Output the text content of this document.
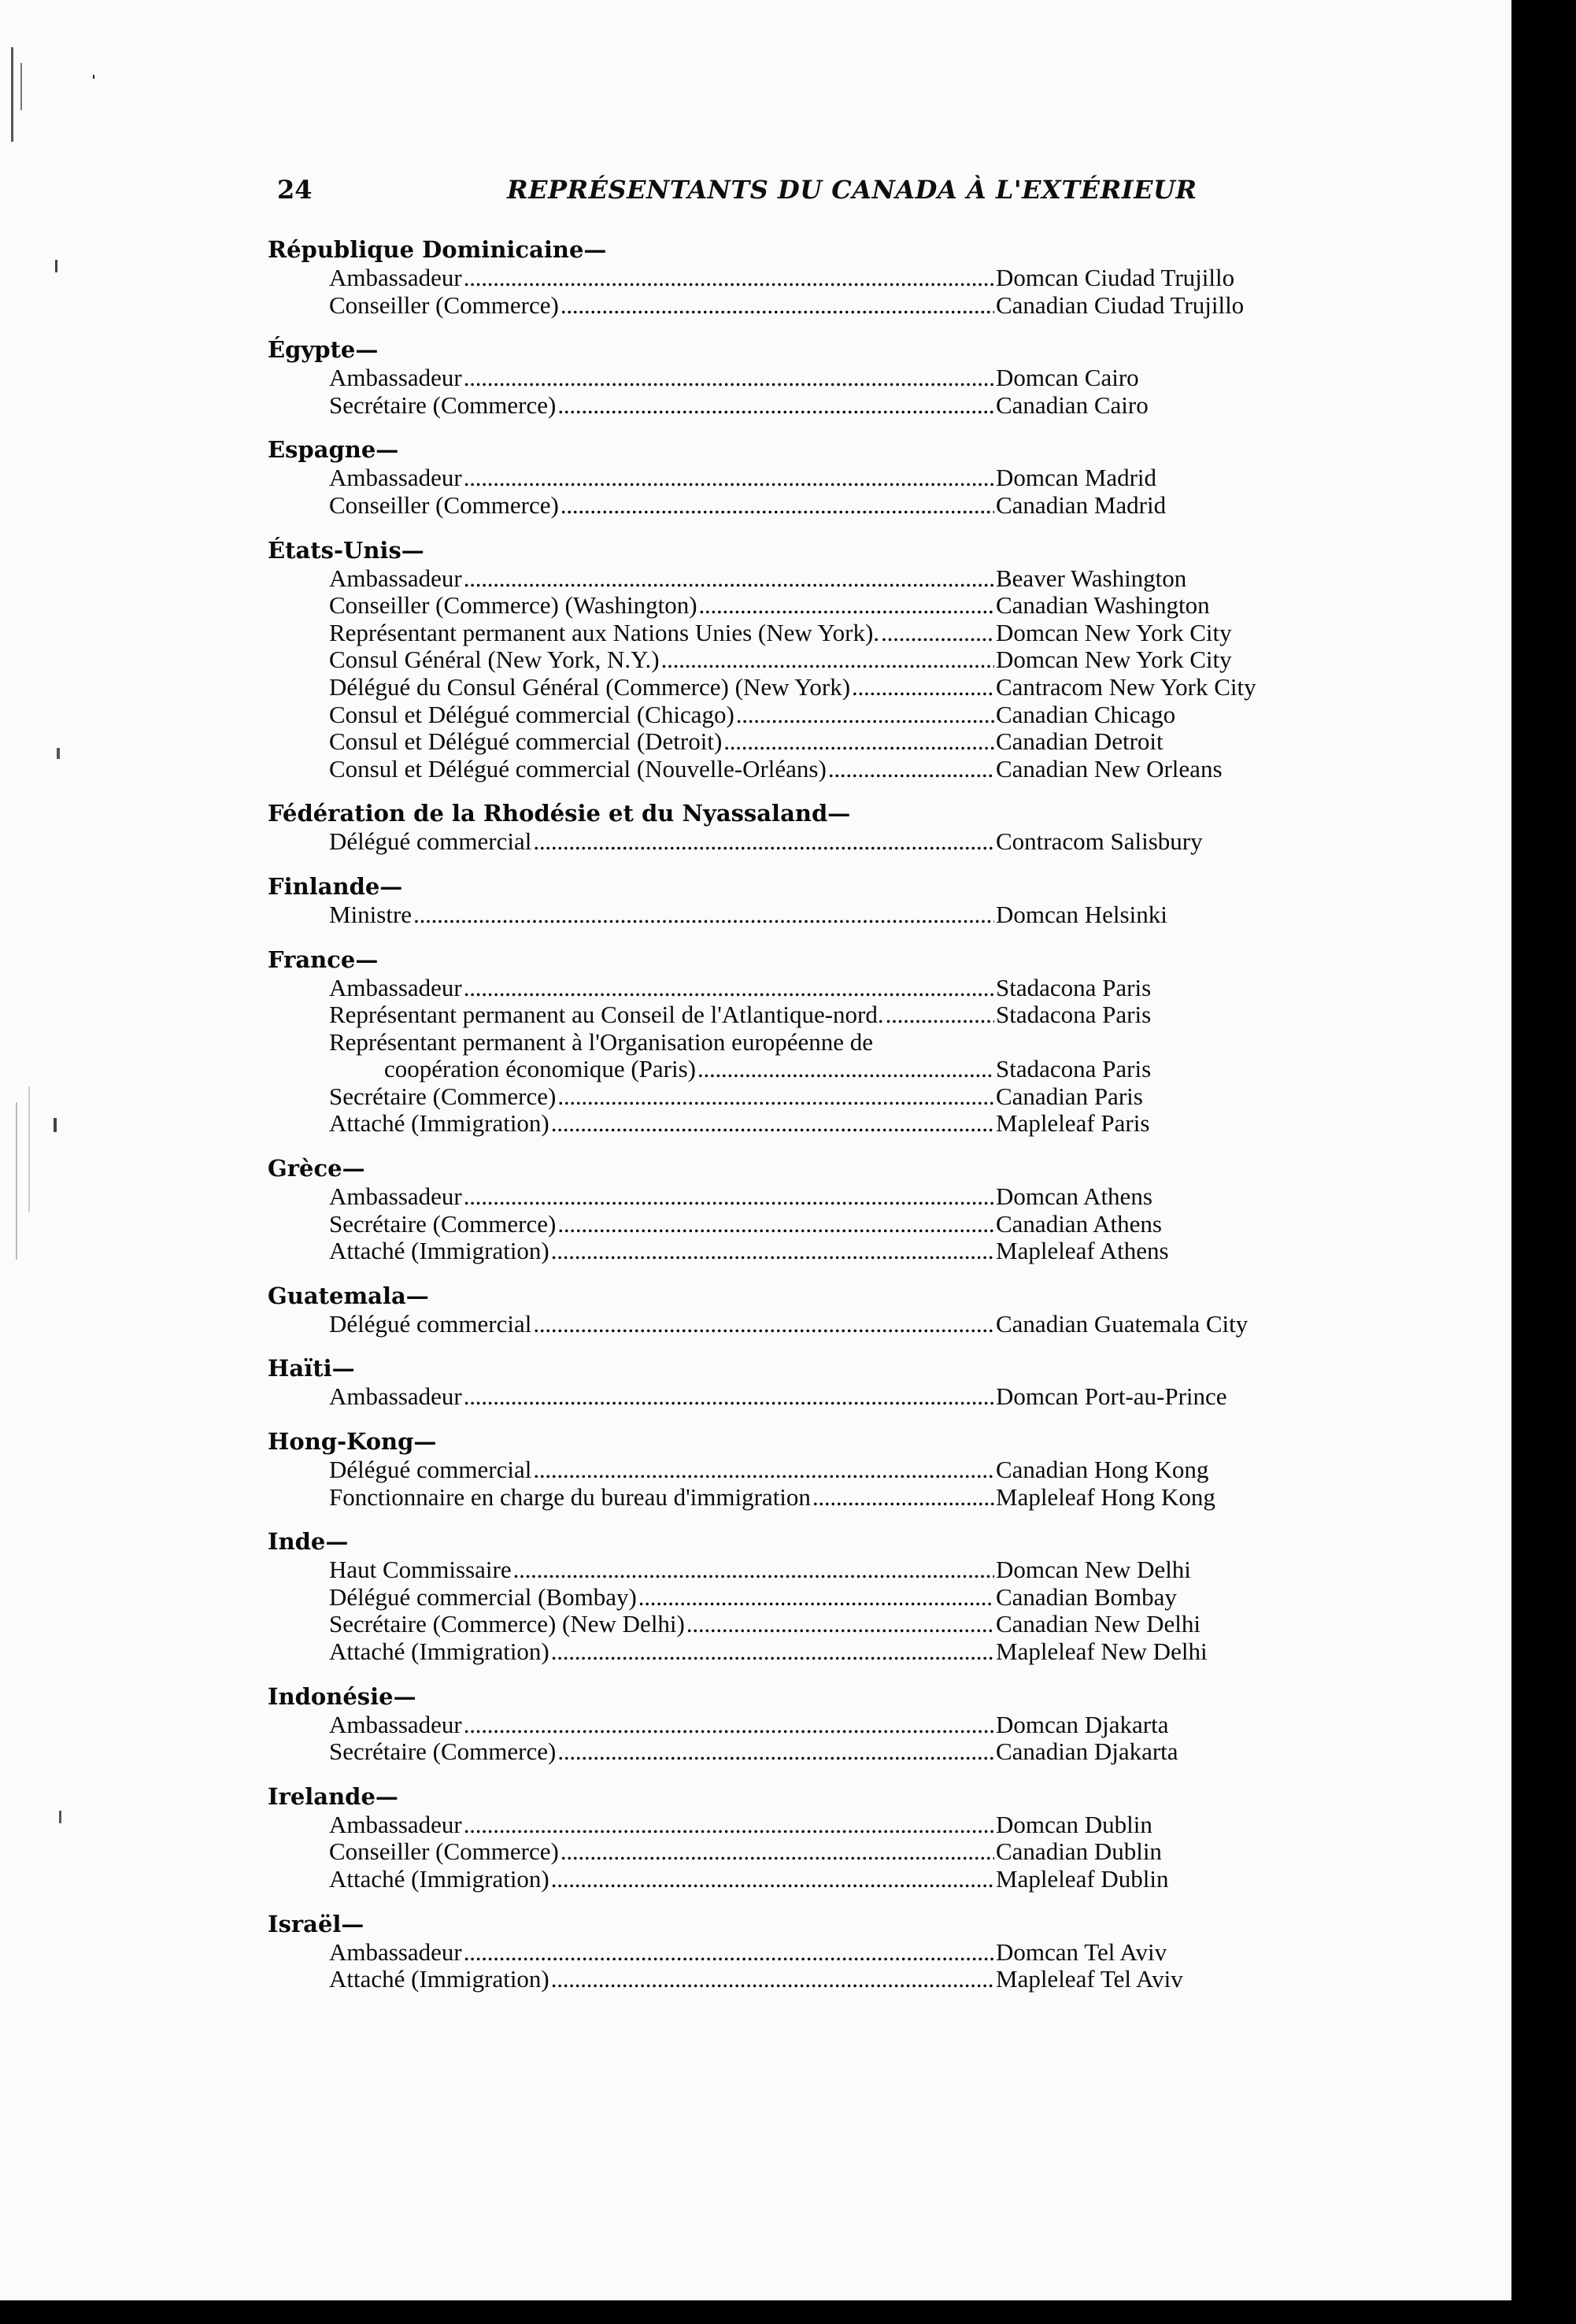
24	REPRÉSENTANTS DU CANADA À L'EXTÉRIEUR
République Dominicaine—
Ambassadeur . . .	Domcan Ciudad Trujillo
Conseiller (Commerce) . . .	Canadian Ciudad Trujillo
Égypte—
Ambassadeur . . .	Domcan Cairo
Secrétaire (Commerce) . . .	Canadian Cairo
Espagne—
Ambassadeur . . .	Domcan Madrid
Conseiller (Commerce) . . .	Canadian Madrid
États-Unis—
Ambassadeur . . .	Beaver Washington
Conseiller (Commerce) (Washington) . . .	Canadian Washington
Représentant permanent aux Nations Unies (New York). . . .	Domcan New York City
Consul Général (New York, N.Y.) . . .	Domcan New York City
Délégué du Consul Général (Commerce) (New York) . . .	Cantracom New York City
Consul et Délégué commercial (Chicago) . . .	Canadian Chicago
Consul et Délégué commercial (Detroit) . . .	Canadian Detroit
Consul et Délégué commercial (Nouvelle-Orléans) . . .	Canadian New Orleans
Fédération de la Rhodésie et du Nyassaland—
Délégué commercial . . .	Contracom Salisbury
Finlande—
Ministre . . .	Domcan Helsinki
France—
Ambassadeur . . .	Stadacona Paris
Représentant permanent au Conseil de l'Atlantique-nord. . . .	Stadacona Paris
Représentant permanent à l'Organisation européenne de
coopération économique (Paris) . . .	Stadacona Paris
Secrétaire (Commerce) . . .	Canadian Paris
Attaché (Immigration) . . .	Mapleleaf Paris
Grèce—
Ambassadeur . . .	Domcan Athens
Secrétaire (Commerce) . . .	Canadian Athens
Attaché (Immigration) . . .	Mapleleaf Athens
Guatemala—
Délégué commercial . . .	Canadian Guatemala City
Haïti—
Ambassadeur . . .	Domcan Port-au-Prince
Hong-Kong—
Délégué commercial . . .	Canadian Hong Kong
Fonctionnaire en charge du bureau d'immigration . . .	Mapleleaf Hong Kong
Inde—
Haut Commissaire . . .	Domcan New Delhi
Délégué commercial (Bombay) . . .	Canadian Bombay
Secrétaire (Commerce) (New Delhi) . . .	Canadian New Delhi
Attaché (Immigration) . . .	Mapleleaf New Delhi
Indonésie—
Ambassadeur . . .	Domcan Djakarta
Secrétaire (Commerce) . . .	Canadian Djakarta
Irelande—
Ambassadeur . . .	Domcan Dublin
Conseiller (Commerce) . . .	Canadian Dublin
Attaché (Immigration) . . .	Mapleleaf Dublin
Israël—
Ambassadeur . . .	Domcan Tel Aviv
Attaché (Immigration) . . .	Mapleleaf Tel Aviv
